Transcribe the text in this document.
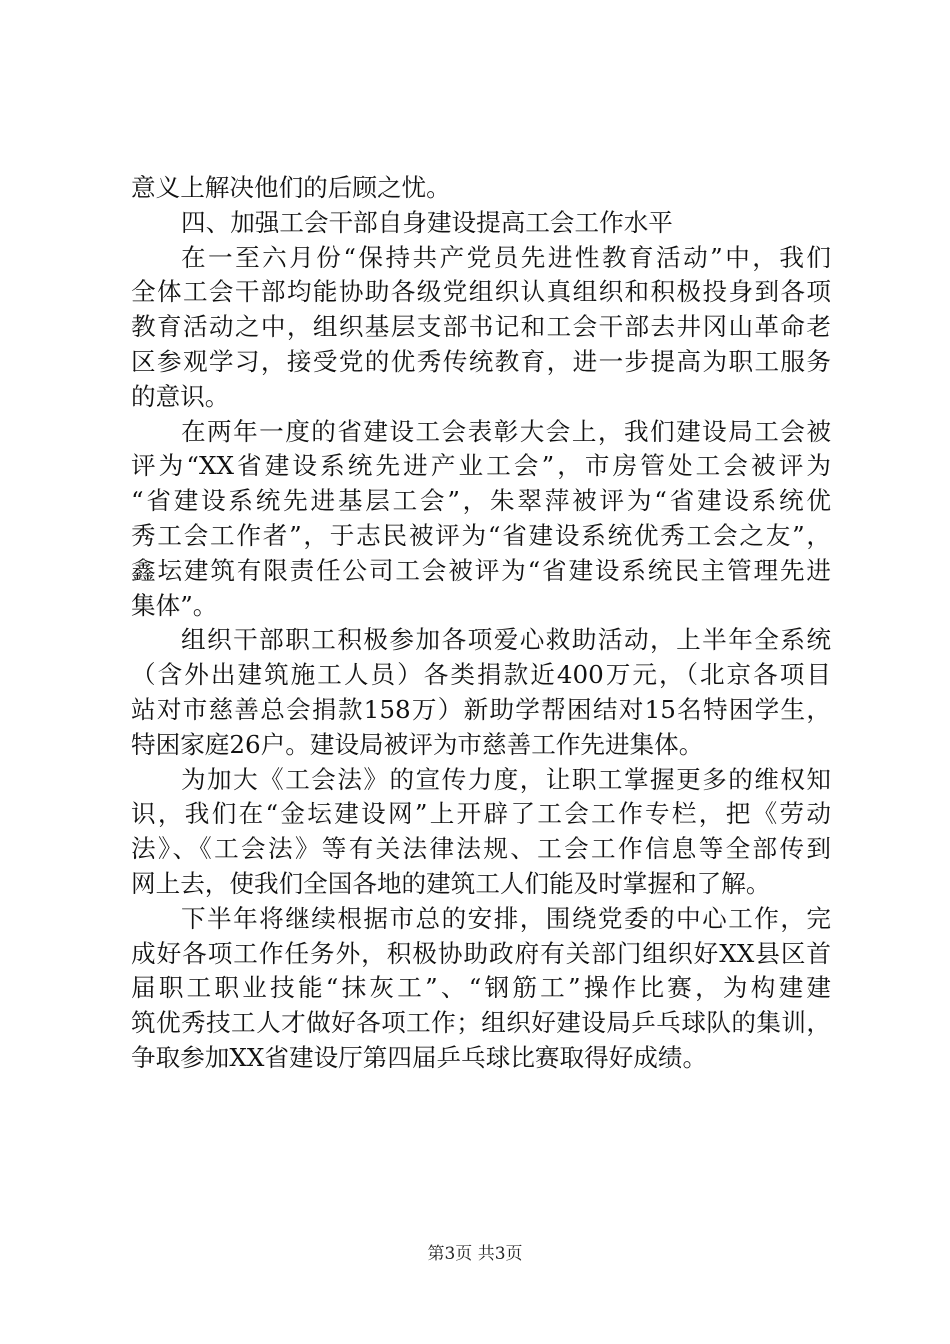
意义上解决他们的后顾之忧。
四、加强工会干部自身建设提高工会工作水平
在一至六月份“保持共产党员先进性教育活动”中，我们
全体工会干部均能协助各级党组织认真组织和积极投身到各项
教育活动之中，组织基层支部书记和工会干部去井冈山革命老
区参观学习，接受党的优秀传统教育，进一步提高为职工服务
的意识。
在两年一度的省建设工会表彰大会上，我们建设局工会被
评为“XX省建设系统先进产业工会”，市房管处工会被评为
“省建设系统先进基层工会”，朱翠萍被评为“省建设系统优
秀工会工作者”，于志民被评为“省建设系统优秀工会之友”，
鑫坛建筑有限责任公司工会被评为“省建设系统民主管理先进
集体”。
组织干部职工积极参加各项爱心救助活动，上半年全系统
（含外出建筑施工人员）各类捐款近400万元，（北京各项目
站对市慈善总会捐款158万）新助学帮困结对15名特困学生，
特困家庭26户。建设局被评为市慈善工作先进集体。
为加大《工会法》的宣传力度，让职工掌握更多的维权知
识，我们在“金坛建设网”上开辟了工会工作专栏，把《劳动
法》、《工会法》等有关法律法规、工会工作信息等全部传到
网上去，使我们全国各地的建筑工人们能及时掌握和了解。
下半年将继续根据市总的安排，围绕党委的中心工作，完
成好各项工作任务外，积极协助政府有关部门组织好XX县区首
届职工职业技能“抹灰工”、“钢筋工”操作比赛，为构建建
筑优秀技工人才做好各项工作；组织好建设局乒乓球队的集训，
争取参加XX省建设厅第四届乒乓球比赛取得好成绩。
第3页 共3页
